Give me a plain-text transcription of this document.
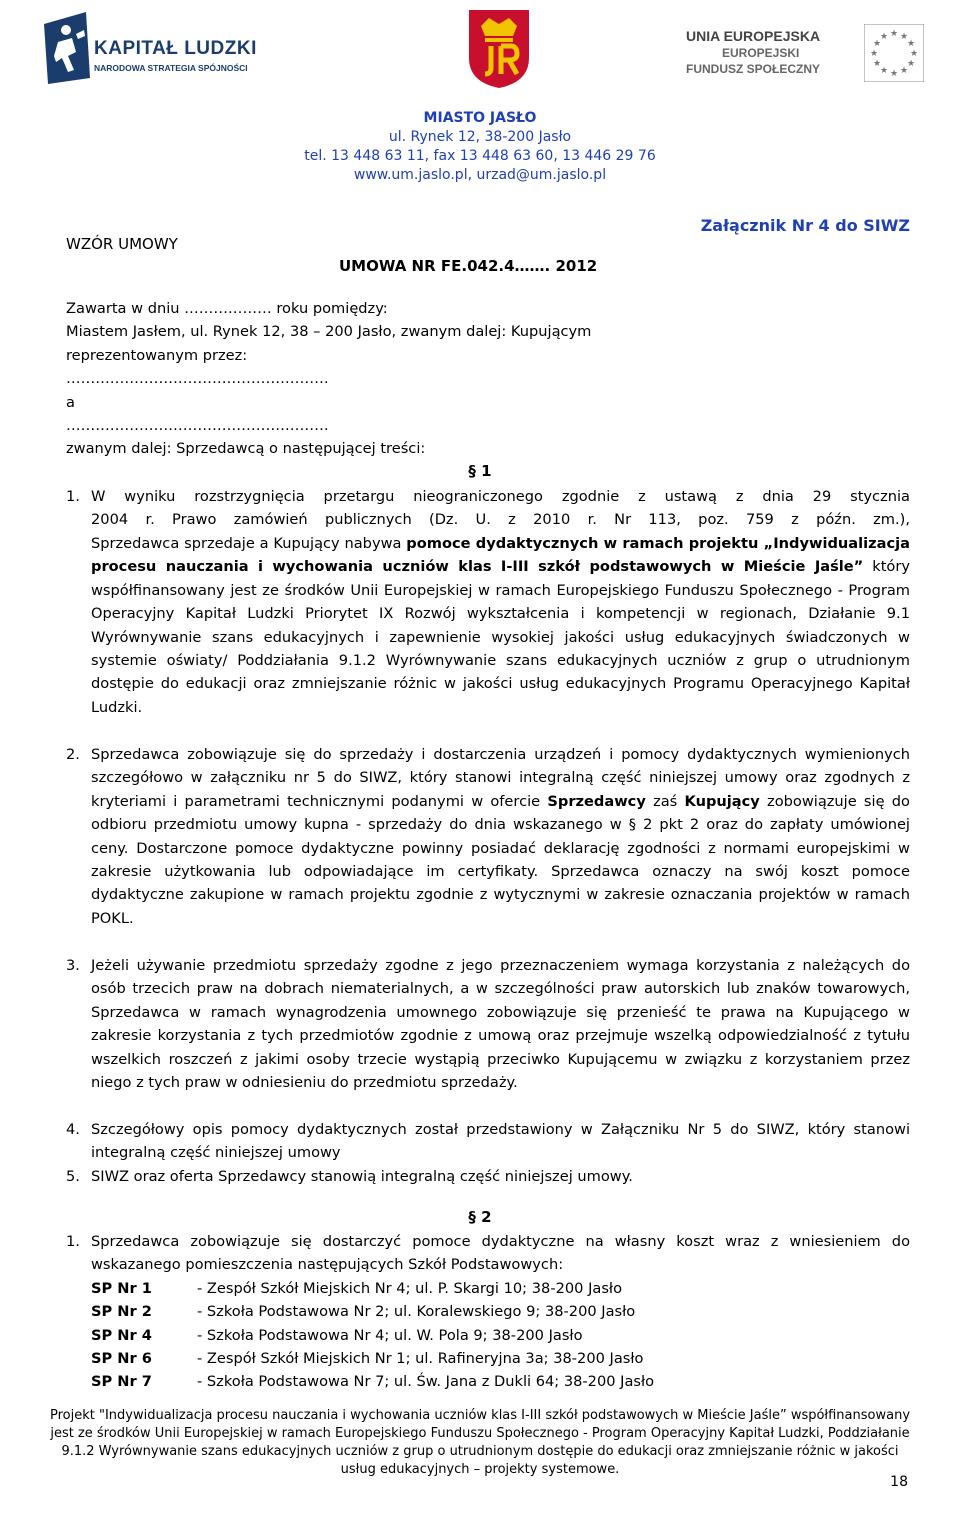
KAPITAŁ LUDZKI
NARODOWA STRATEGIA SPÓJNOŚCI
UNIA EUROPEJSKA
EUROPEJSKI
FUNDUSZ SPOŁECZNY
★ ★
★
★
★
★
★
★
★
★
★
★
MIASTO JASŁO
ul. Rynek 12, 38-200 Jasło
tel. 13 448 63 11, fax 13 448 63 60, 13 446 29 76
www.um.jaslo.pl, urzad@um.jaslo.pl
Załącznik Nr 4 do SIWZ
WZÓR UMOWY
UMOWA NR FE.042.4……. 2012
Zawarta w dniu ……………… roku pomiędzy:
Miastem Jasłem, ul. Rynek 12, 38 – 200 Jasło, zwanym dalej: Kupującym
reprezentowanym przez:
………………………………………………
a
………………………………………………
zwanym dalej: Sprzedawcą o następującej treści:
§ 1
1. W wyniku rozstrzygnięcia przetargu nieograniczonego zgodnie z ustawą z dnia 29 stycznia
2004 r. Prawo zamówień publicznych (Dz. U. z 2010 r. Nr 113, poz. 759 z późn. zm.),
Sprzedawca sprzedaje a Kupujący nabywa pomoce dydaktycznych w ramach projektu „Indywidualizacja procesu nauczania i wychowania uczniów klas I-III szkół podstawowych w Mieście Jaśle” który współfinansowany jest ze środków Unii Europejskiej w ramach Europejskiego Funduszu Społecznego - Program Operacyjny Kapitał Ludzki Priorytet IX Rozwój wykształcenia i kompetencji w regionach, Działanie 9.1 Wyrównywanie szans edukacyjnych i zapewnienie wysokiej jakości usług edukacyjnych świadczonych w systemie oświaty/ Poddziałania 9.1.2 Wyrównywanie szans edukacyjnych uczniów z grup o utrudnionym dostępie do edukacji oraz zmniejszanie różnic w jakości usług edukacyjnych Programu Operacyjnego Kapitał Ludzki.
2. Sprzedawca zobowiązuje się do sprzedaży i dostarczenia urządzeń i pomocy dydaktycznych wymienionych szczegółowo w załączniku nr 5 do SIWZ, który stanowi integralną część niniejszej umowy oraz zgodnych z kryteriami i parametrami technicznymi podanymi w ofercie Sprzedawcy zaś Kupujący zobowiązuje się do odbioru przedmiotu umowy kupna - sprzedaży do dnia wskazanego w § 2 pkt 2 oraz do zapłaty umówionej ceny. Dostarczone pomoce dydaktyczne powinny posiadać deklarację zgodności z normami europejskimi w zakresie użytkowania lub odpowiadające im certyfikaty. Sprzedawca oznaczy na swój koszt pomoce dydaktyczne zakupione w ramach projektu zgodnie z wytycznymi w zakresie oznaczania projektów w ramach POKL.
3. Jeżeli używanie przedmiotu sprzedaży zgodne z jego przeznaczeniem wymaga korzystania z należących do osób trzecich praw na dobrach niematerialnych, a w szczególności praw autorskich lub znaków towarowych, Sprzedawca w ramach wynagrodzenia umownego zobowiązuje się przenieść te prawa na Kupującego w zakresie korzystania z tych przedmiotów zgodnie z umową oraz przejmuje wszelką odpowiedzialność z tytułu wszelkich roszczeń z jakimi osoby trzecie wystąpią przeciwko Kupującemu w związku z korzystaniem przez niego z tych praw w odniesieniu do przedmiotu sprzedaży.
4. Szczegółowy opis pomocy dydaktycznych został przedstawiony w Załączniku Nr 5 do SIWZ, który stanowi integralną część niniejszej umowy
5. SIWZ oraz oferta Sprzedawcy stanowią integralną część niniejszej umowy.
§ 2
1. Sprzedawca zobowiązuje się dostarczyć pomoce dydaktyczne na własny koszt wraz z wniesieniem do wskazanego pomieszczenia następujących Szkół Podstawowych:
SP Nr 1	- Zespół Szkół Miejskich Nr 4; ul. P. Skargi 10; 38-200 Jasło
SP Nr 2	- Szkoła Podstawowa Nr 2; ul. Koralewskiego 9; 38-200 Jasło
SP Nr 4	- Szkoła Podstawowa Nr 4; ul. W. Pola 9; 38-200 Jasło
SP Nr 6	- Zespół Szkół Miejskich Nr 1; ul. Rafineryjna 3a; 38-200 Jasło
SP Nr 7	- Szkoła Podstawowa Nr 7; ul. Św. Jana z Dukli 64; 38-200 Jasło
Projekt "Indywidualizacja procesu nauczania i wychowania uczniów klas I-III szkół podstawowych w Mieście Jaśle” współfinansowany
jest ze środków Unii Europejskiej w ramach Europejskiego Funduszu Społecznego - Program Operacyjny Kapitał Ludzki, Poddziałanie
9.1.2 Wyrównywanie szans edukacyjnych uczniów z grup o utrudnionym dostępie do edukacji oraz zmniejszanie różnic w jakości
usług edukacyjnych – projekty systemowe.
18
